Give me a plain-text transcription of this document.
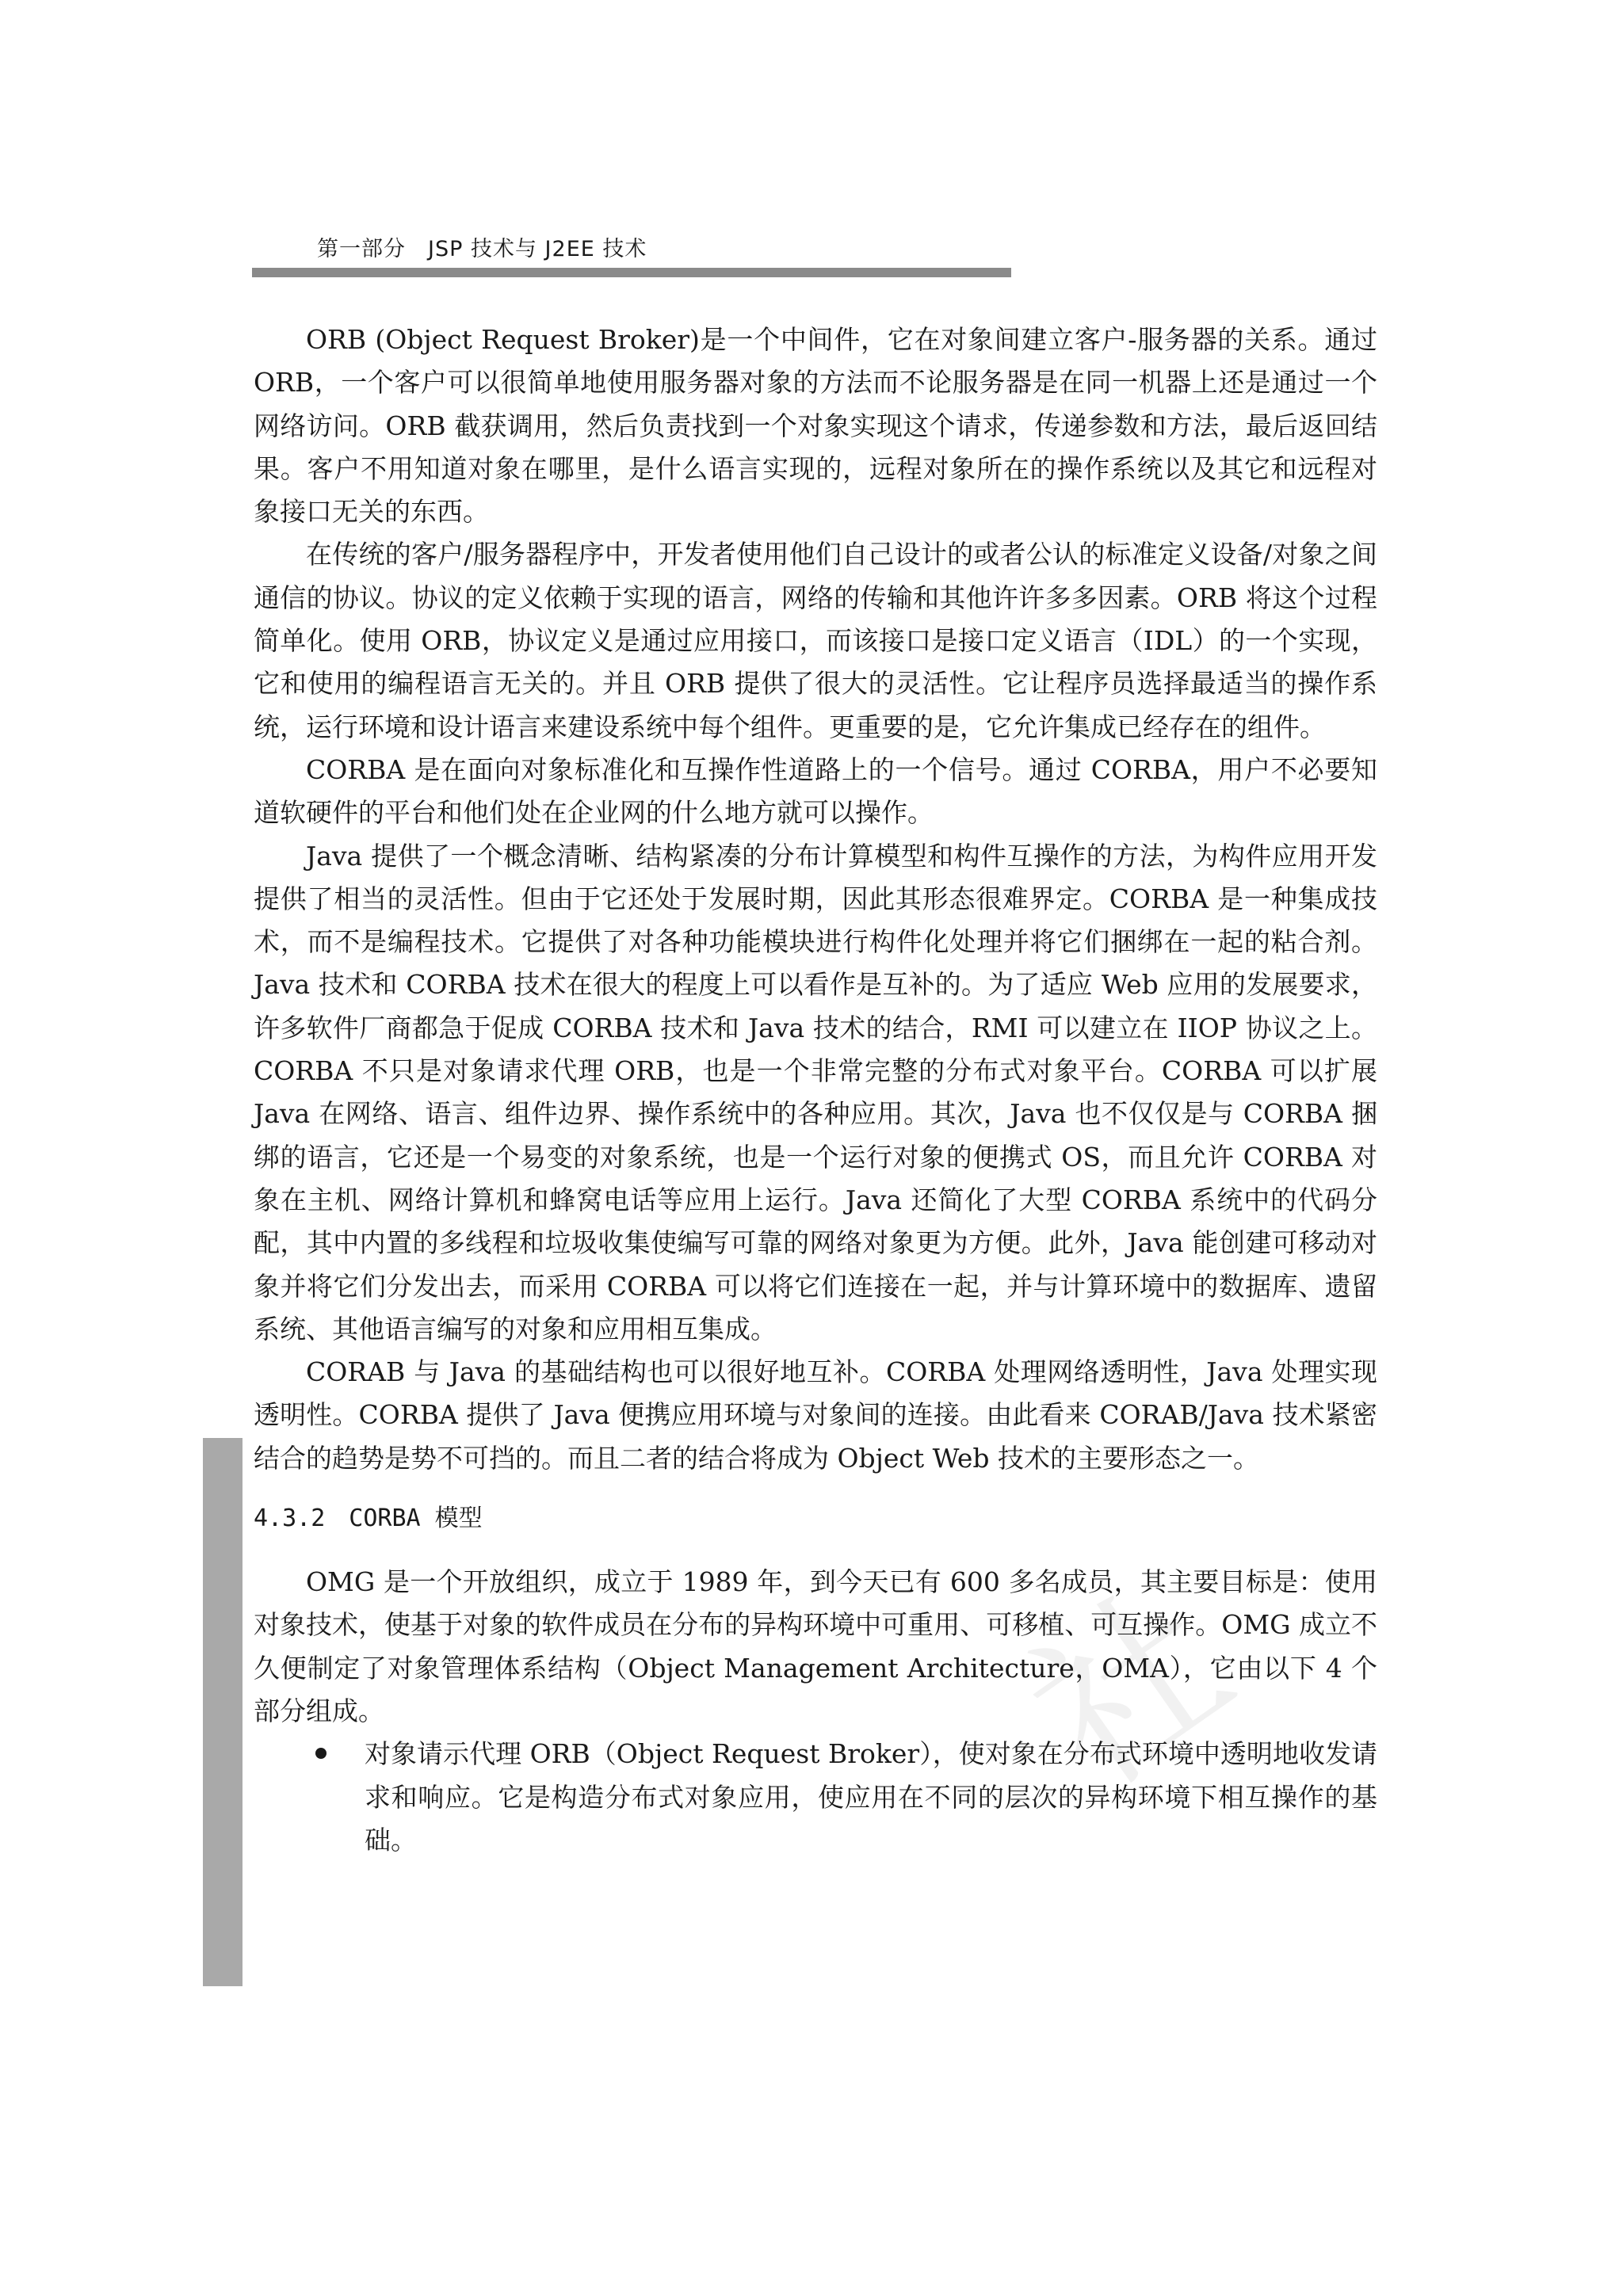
第一部分　JSP 技术与 J2EE 技术
社

ORB (Object Request Broker)是一个中间件，它在对象间建立客户-服务器的关系。通过 ORB，一个客户可以很简单地使用服务器对象的方法而不论服务器是在同一机器上还是通过一个网络访问。ORB 截获调用，然后负责找到一个对象实现这个请求，传递参数和方法，最后返回结果。客户不用知道对象在哪里，是什么语言实现的，远程对象所在的操作系统以及其它和远程对象接口无关的东西。

在传统的客户/服务器程序中，开发者使用他们自己设计的或者公认的标准定义设备/对象之间通信的协议。协议的定义依赖于实现的语言，网络的传输和其他许许多多因素。ORB 将这个过程简单化。使用 ORB，协议定义是通过应用接口，而该接口是接口定义语言（IDL）的一个实现，它和使用的编程语言无关的。并且 ORB 提供了很大的灵活性。它让程序员选择最适当的操作系统，运行环境和设计语言来建设系统中每个组件。更重要的是，它允许集成已经存在的组件。

CORBA 是在面向对象标准化和互操作性道路上的一个信号。通过 CORBA，用户不必要知道软硬件的平台和他们处在企业网的什么地方就可以操作。

Java 提供了一个概念清晰、结构紧凑的分布计算模型和构件互操作的方法，为构件应用开发提供了相当的灵活性。但由于它还处于发展时期，因此其形态很难界定。CORBA 是一种集成技术，而不是编程技术。它提供了对各种功能模块进行构件化处理并将它们捆绑在一起的粘合剂。Java 技术和 CORBA 技术在很大的程度上可以看作是互补的。为了适应 Web 应用的发展要求，许多软件厂商都急于促成 CORBA 技术和 Java 技术的结合，RMI 可以建立在 IIOP 协议之上。CORBA 不只是对象请求代理 ORB，也是一个非常完整的分布式对象平台。CORBA 可以扩展 Java 在网络、语言、组件边界、操作系统中的各种应用。其次，Java 也不仅仅是与 CORBA 捆绑的语言，它还是一个易变的对象系统，也是一个运行对象的便携式 OS，而且允许 CORBA 对象在主机、网络计算机和蜂窝电话等应用上运行。Java 还简化了大型 CORBA 系统中的代码分配，其中内置的多线程和垃圾收集使编写可靠的网络对象更为方便。此外，Java 能创建可移动对象并将它们分发出去，而采用 CORBA 可以将它们连接在一起，并与计算环境中的数据库、遗留系统、其他语言编写的对象和应用相互集成。

CORAB 与 Java 的基础结构也可以很好地互补。CORBA 处理网络透明性，Java 处理实现透明性。CORBA 提供了 Java 便携应用环境与对象间的连接。由此看来 CORAB/Java 技术紧密结合的趋势是势不可挡的。而且二者的结合将成为 Object Web 技术的主要形态之一。

4.3.2　CORBA 模型

OMG 是一个开放组织，成立于 1989 年，到今天已有 600 多名成员，其主要目标是：使用对象技术，使基于对象的软件成员在分布的异构环境中可重用、可移植、可互操作。OMG 成立不久便制定了对象管理体系结构（Object Management Architecture，OMA），它由以下 4 个部分组成。

对象请示代理 ORB（Object Request Broker），使对象在分布式环境中透明地收发请求和响应。它是构造分布式对象应用，使应用在不同的层次的异构环境下相互操作的基础。
